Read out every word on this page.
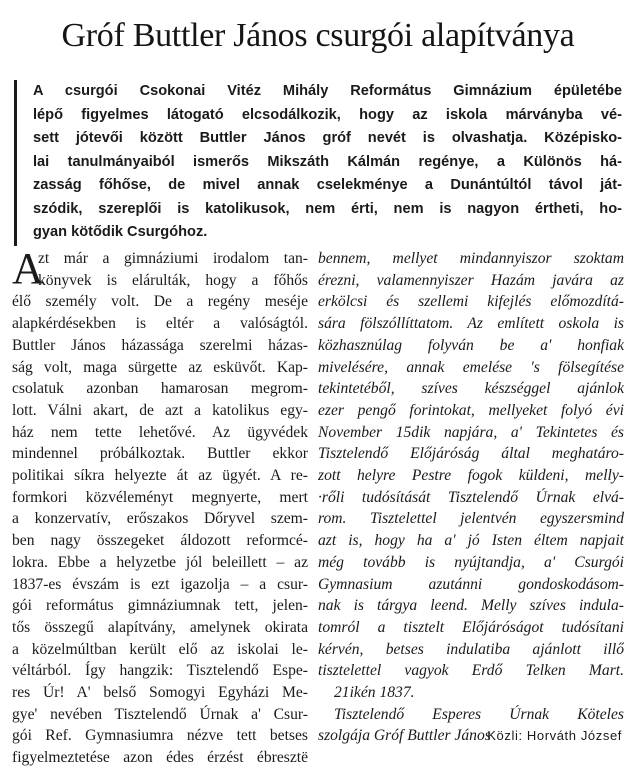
Gróf Buttler János csurgói alapítványa
A csurgói Csokonai Vitéz Mihály Református Gimnázium épületébe
lépő figyelmes látogató elcsodálkozik, hogy az iskola márványba vé-
sett jótevői között Buttler János gróf nevét is olvashatja. Középisko-
lai tanulmányaiból ismerős Mikszáth Kálmán regénye, a Különös há-
zasság főhőse, de mivel annak cselekménye a Dunántúltól távol ját-
szódik, szereplői is katolikusok, nem érti, nem is nagyon értheti, ho-
gyan kötődik Csurgóhoz.
A
zt már a gimnáziumi irodalom tan-
könyvek is elárulták, hogy a főhős
élő személy volt. De a regény meséje
alapkérdésekben is eltér a valóságtól.
Buttler János házassága szerelmi házas-
ság volt, maga sürgette az esküvőt. Kap-
csolatuk azonban hamarosan megrom-
lott. Válni akart, de azt a katolikus egy-
ház nem tette lehetővé. Az ügyvédek
mindennel próbálkoztak. Buttler ekkor
politikai síkra helyezte át az ügyét. A re-
formkori közvéleményt megnyerte, mert
a konzervatív, erőszakos Dőryvel szem-
ben nagy összegeket áldozott reformcé-
lokra. Ebbe a helyzetbe jól beleillett – az
1837-es évszám is ezt igazolja – a csur-
gói református gimnáziumnak tett, jelen-
tős összegű alapítvány, amelynek okirata
a közelmúltban került elő az iskolai le-
véltárból. Így hangzik: Tisztelendő Espe-
res Úr! A' belső Somogyi Egyházi Me-
gye' nevében Tisztelendő Úrnak a' Csur-
gói Ref. Gymnasiumra nézve tett betses
figyelmeztetése azon édes érzést ébresztë
bennem, mellyet mindannyiszor szoktam
érezni, valamennyiszer Hazám javára az
erkölcsi és szellemi kifejlés előmozdítá-
sára fölszóllíttatom. Az említett oskola is
közhasznúlag folyván be a' honfiak
mivelésére, annak emelése 's fölsegítése
tekintetéből, szíves készséggel ajánlok
ezer pengő forintokat, mellyeket folyó évi
November 15dik napjára, a' Tekintetes és
Tisztelendő Előjáróság által meghatáro-
zott helyre Pestre fogok küldeni, melly-
·rőli tudósítását Tisztelendő Úrnak elvá-
rom. Tisztelettel jelentvén egyszersmind
azt is, hogy ha a' jó Isten éltem napjait
még tovább is nyújtandja, a' Csurgói
Gymnasium azutánni gondoskodásom-
nak is tárgya leend. Melly szíves indula-
tomról a tisztelt Előjáróságot tudósítani
kérvén, betses indulatiba ajánlott illő
tisztelettel vagyok Erdő Telken Mart.
21ikén 1837.
Tisztelendő Esperes Úrnak Köteles
szolgája Gróf Buttler János
Közli: Horváth József
